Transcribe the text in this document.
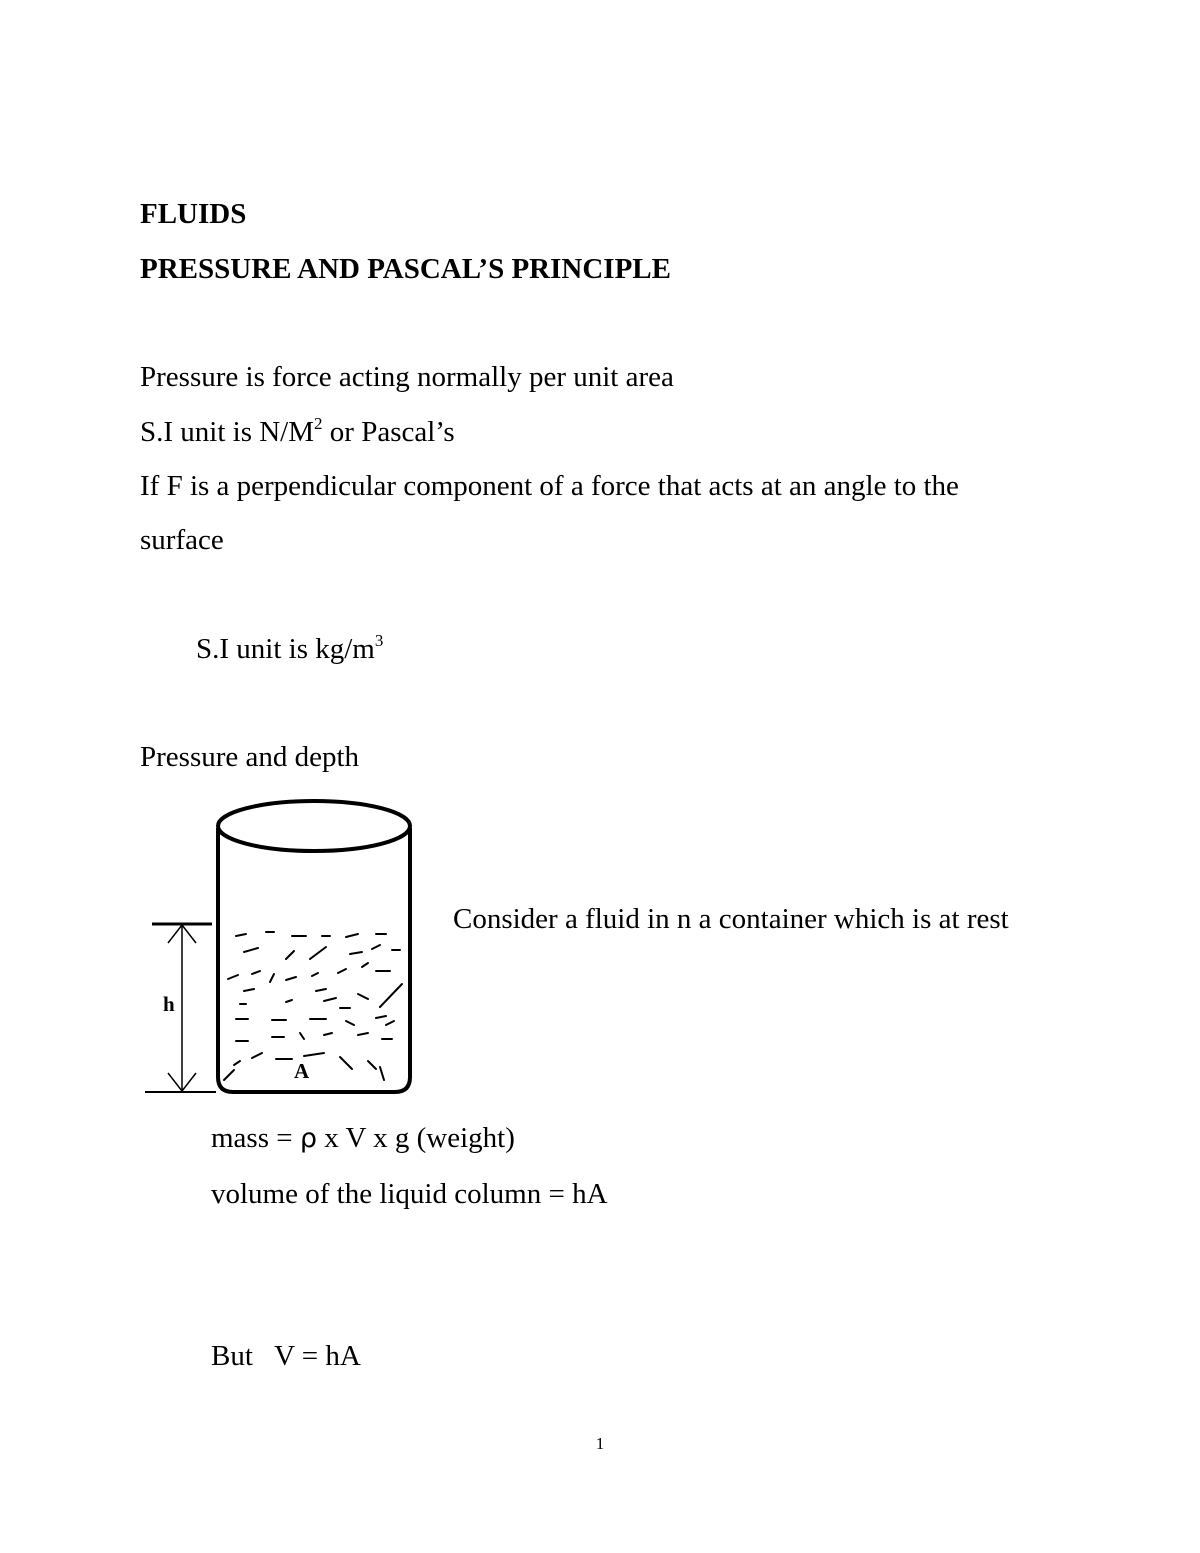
FLUIDS
PRESSURE AND PASCAL’S PRINCIPLE
Pressure is force acting normally per unit area
S.I unit is $N/M^2$ or Pascal’s
If F is a perpendicular component of a force that acts at an angle to the
surface
S.I unit is $kg/m^3$
Pressure and depth
h
A
Consider a fluid in n a container which is at rest
mass = ρ x V x g (weight)
volume of the liquid column = hA
But   V = hA
1
